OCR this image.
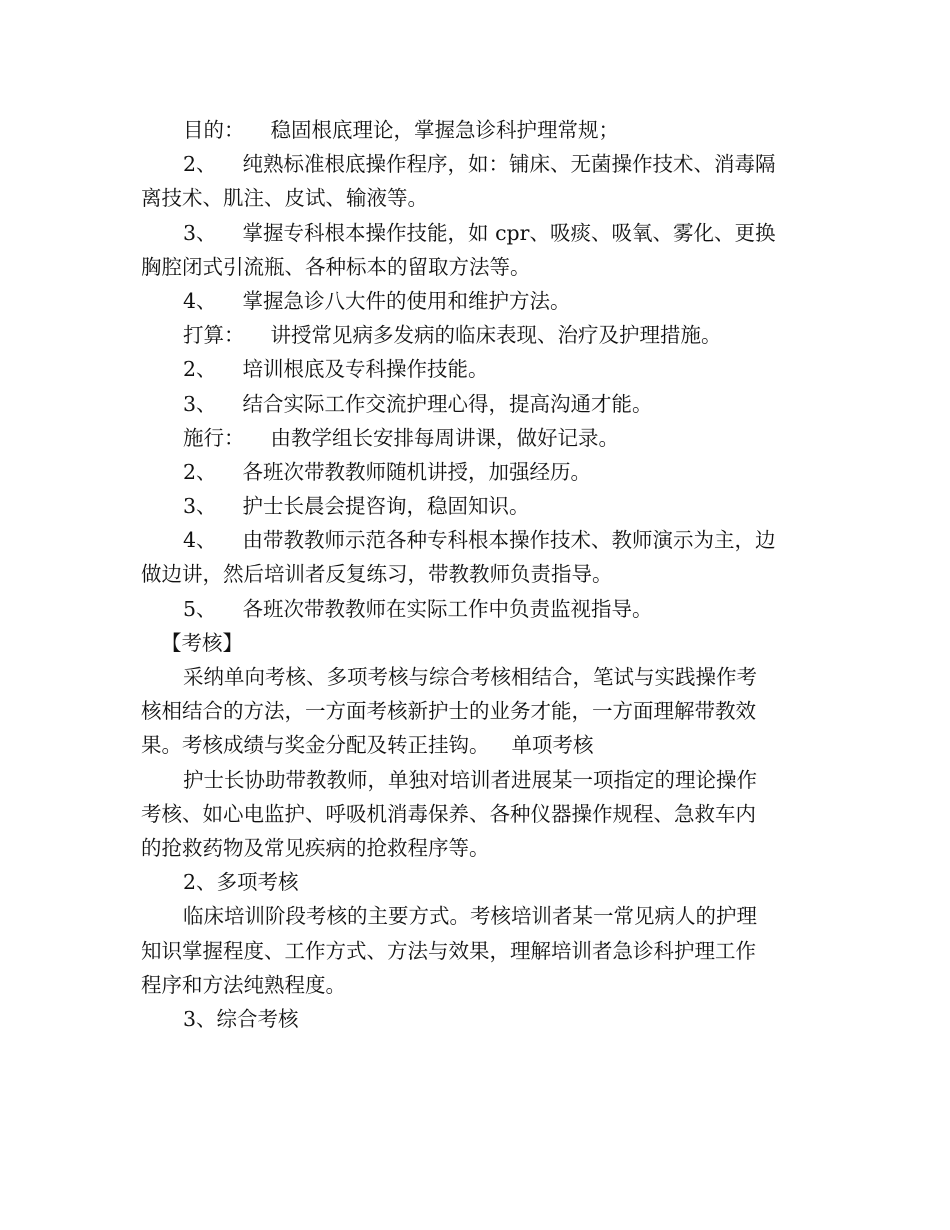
目的： 稳固根底理论，掌握急诊科护理常规；
2、 纯熟标准根底操作程序，如：铺床、无菌操作技术、消毒隔
离技术、肌注、皮试、输液等。
3、 掌握专科根本操作技能，如 cpr、吸痰、吸氧、雾化、更换
胸腔闭式引流瓶、各种标本的留取方法等。
4、 掌握急诊八大件的使用和维护方法。
打算： 讲授常见病多发病的临床表现、治疗及护理措施。
2、 培训根底及专科操作技能。
3、 结合实际工作交流护理心得，提高沟通才能。
施行： 由教学组长安排每周讲课，做好记录。
2、 各班次带教教师随机讲授，加强经历。
3、 护士长晨会提咨询，稳固知识。
4、 由带教教师示范各种专科根本操作技术、教师演示为主，边
做边讲，然后培训者反复练习，带教教师负责指导。
5、 各班次带教教师在实际工作中负责监视指导。
【考核】
采纳单向考核、多项考核与综合考核相结合，笔试与实践操作考
核相结合的方法，一方面考核新护士的业务才能，一方面理解带教效
果。考核成绩与奖金分配及转正挂钩。 单项考核
护士长协助带教教师，单独对培训者进展某一项指定的理论操作
考核、如心电监护、呼吸机消毒保养、各种仪器操作规程、急救车内
的抢救药物及常见疾病的抢救程序等。
2、多项考核
临床培训阶段考核的主要方式。考核培训者某一常见病人的护理
知识掌握程度、工作方式、方法与效果，理解培训者急诊科护理工作
程序和方法纯熟程度。
3、综合考核
